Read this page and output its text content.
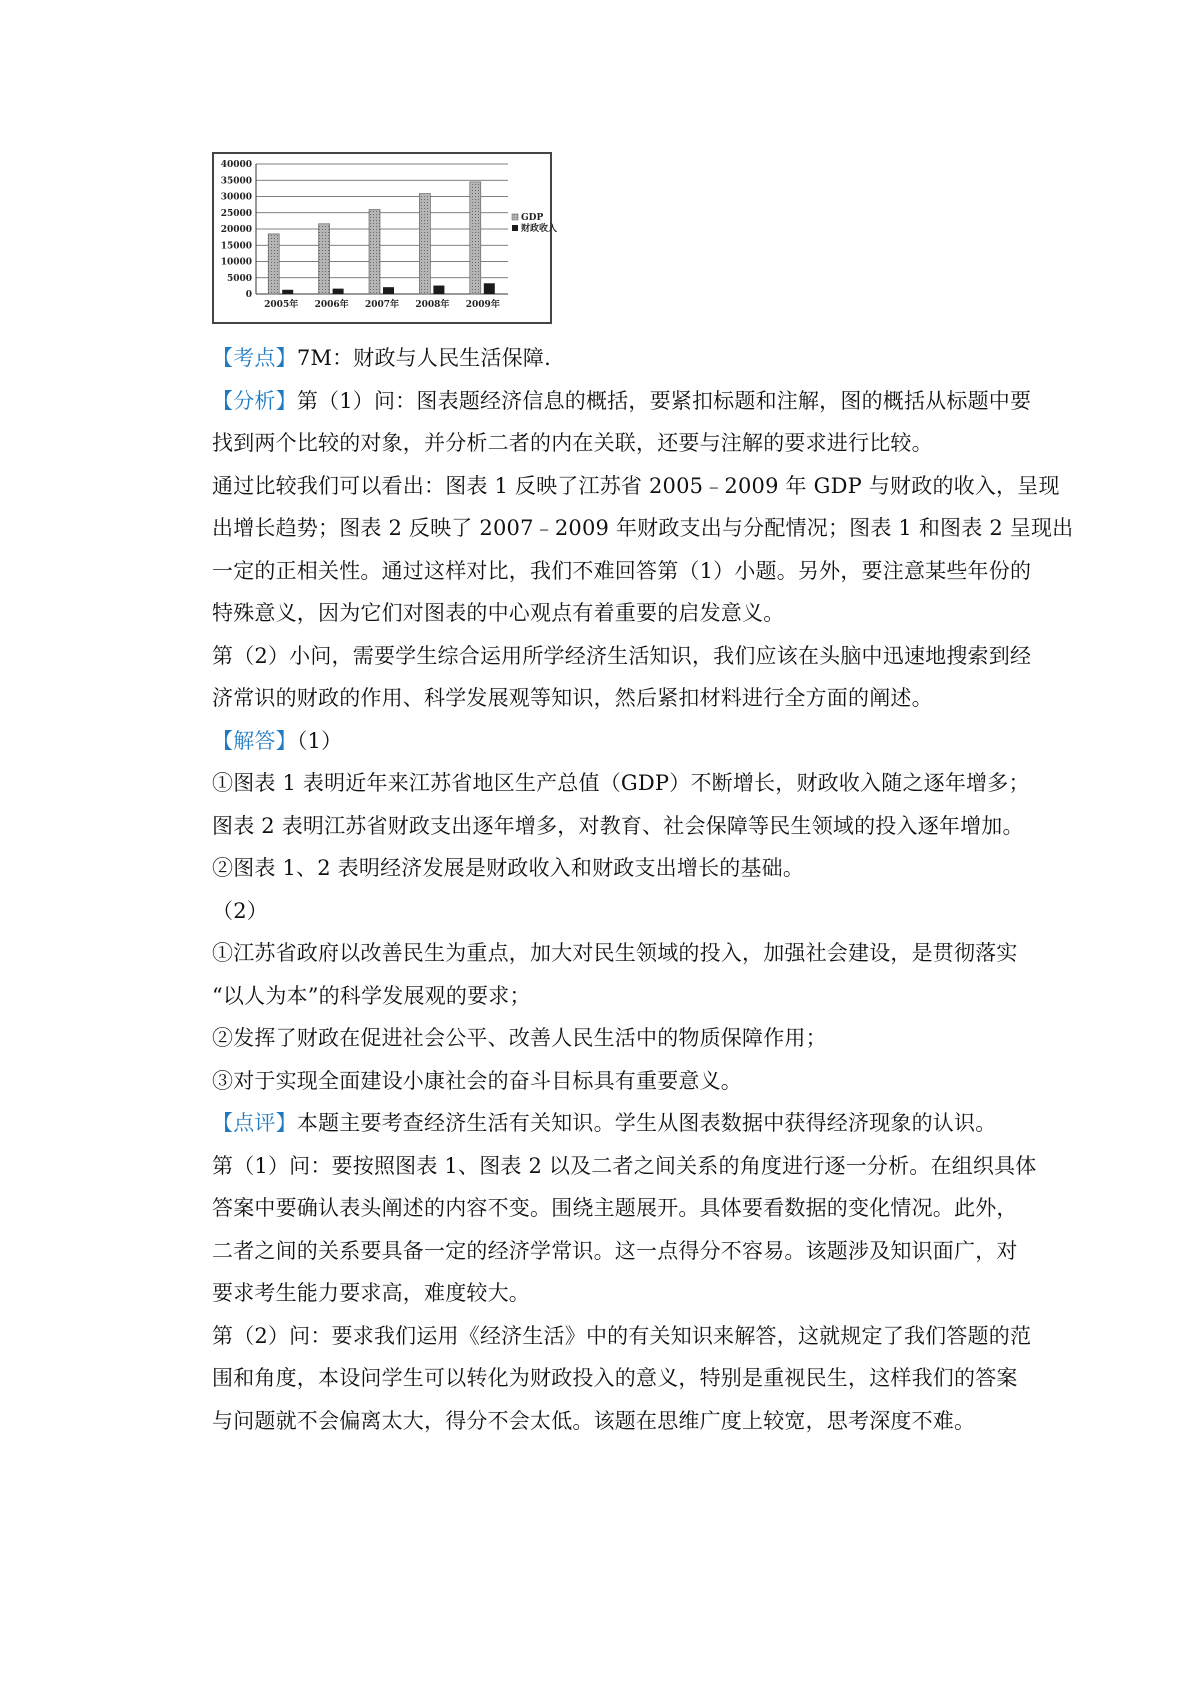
0
5000
10000
15000
20000
25000
30000
35000
40000
2005年 2006年 2007年 2008年 2009年
GDP
财政收入
【考点】7M：财政与人民生活保障.
【分析】第（1）问：图表题经济信息的概括，要紧扣标题和注解，图的概括从标题中要
找到两个比较的对象，并分析二者的内在关联，还要与注解的要求进行比较。
通过比较我们可以看出：图表 1 反映了江苏省 2005﹣2009 年 GDP 与财政的收入，呈现
出增长趋势；图表 2 反映了 2007﹣2009 年财政支出与分配情况；图表 1 和图表 2 呈现出
一定的正相关性。通过这样对比，我们不难回答第（1）小题。另外，要注意某些年份的
特殊意义，因为它们对图表的中心观点有着重要的启发意义。
第（2）小问，需要学生综合运用所学经济生活知识，我们应该在头脑中迅速地搜索到经
济常识的财政的作用、科学发展观等知识，然后紧扣材料进行全方面的阐述。
【解答】（1）
①图表 1 表明近年来江苏省地区生产总值（GDP）不断增长，财政收入随之逐年增多；
图表 2 表明江苏省财政支出逐年增多，对教育、社会保障等民生领域的投入逐年增加。
②图表 1、2 表明经济发展是财政收入和财政支出增长的基础。
（2）
①江苏省政府以改善民生为重点，加大对民生领域的投入，加强社会建设，是贯彻落实
“以人为本”的科学发展观的要求；
②发挥了财政在促进社会公平、改善人民生活中的物质保障作用；
③对于实现全面建设小康社会的奋斗目标具有重要意义。
【点评】本题主要考查经济生活有关知识。学生从图表数据中获得经济现象的认识。
第（1）问：要按照图表 1、图表 2 以及二者之间关系的角度进行逐一分析。在组织具体
答案中要确认表头阐述的内容不变。围绕主题展开。具体要看数据的变化情况。此外，
二者之间的关系要具备一定的经济学常识。这一点得分不容易。该题涉及知识面广，对
要求考生能力要求高，难度较大。
第（2）问：要求我们运用《经济生活》中的有关知识来解答，这就规定了我们答题的范
围和角度，本设问学生可以转化为财政投入的意义，特别是重视民生，这样我们的答案
与问题就不会偏离太大，得分不会太低。该题在思维广度上较宽，思考深度不难。
